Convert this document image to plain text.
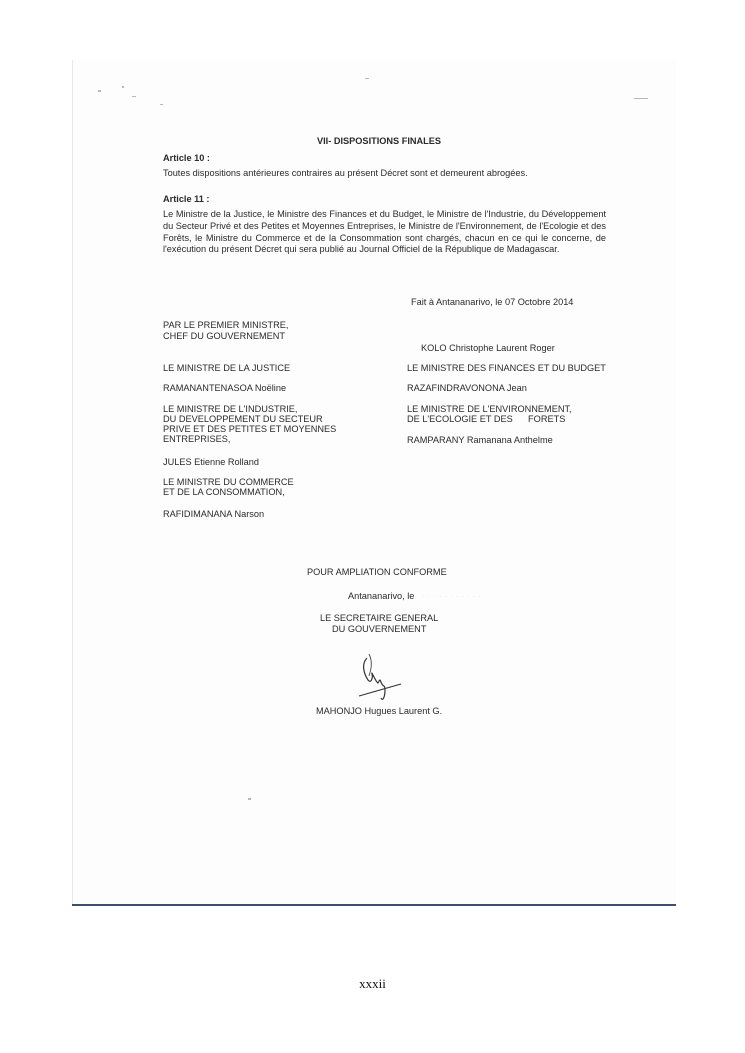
VII- DISPOSITIONS FINALES

Article 10 :

Toutes dispositions antérieures contraires au présent Décret sont et demeurent abrogées.

Article 11 :

Le Ministre de la Justice, le Ministre des Finances et du Budget, le Ministre de l'Industrie, du Développement du Secteur Privé et des Petites et Moyennes Entreprises, le Ministre de l'Environnement, de l'Ecologie et des Forêts, le Ministre du Commerce et de la Consommation sont chargés, chacun en ce qui le concerne, de l'exécution du présent Décret qui sera publié au Journal Officiel de la République de Madagascar.

Fait à Antananarivo, le 07 Octobre 2014

PAR LE PREMIER MINISTRE,

CHEF DU GOUVERNEMENT

KOLO Christophe Laurent Roger

LE MINISTRE DE LA JUSTICE	LE MINISTRE DES FINANCES ET DU BUDGET

RAMANANTENASOA Noëline	RAZAFINDRAVONONA Jean

LE MINISTRE DE L'INDUSTRIE,

DU DEVELOPPEMENT DU SECTEUR

PRIVE ET DES PETITES ET MOYENNES

ENTREPRISES,

LE MINISTRE DE L'ENVIRONNEMENT,

DE L'ECOLOGIE ET DES      FORETS

RAMPARANY Ramanana Anthelme

JULES Etienne Rolland

LE MINISTRE DU COMMERCE

ET DE LA CONSOMMATION,

RAFIDIMANANA Narson

POUR AMPLIATION CONFORME

Antananarivo, le · · · · · · · · · · ·

LE SECRETAIRE GENERAL

DU GOUVERNEMENT

MAHONJO Hugues Laurent G.

xxxii
